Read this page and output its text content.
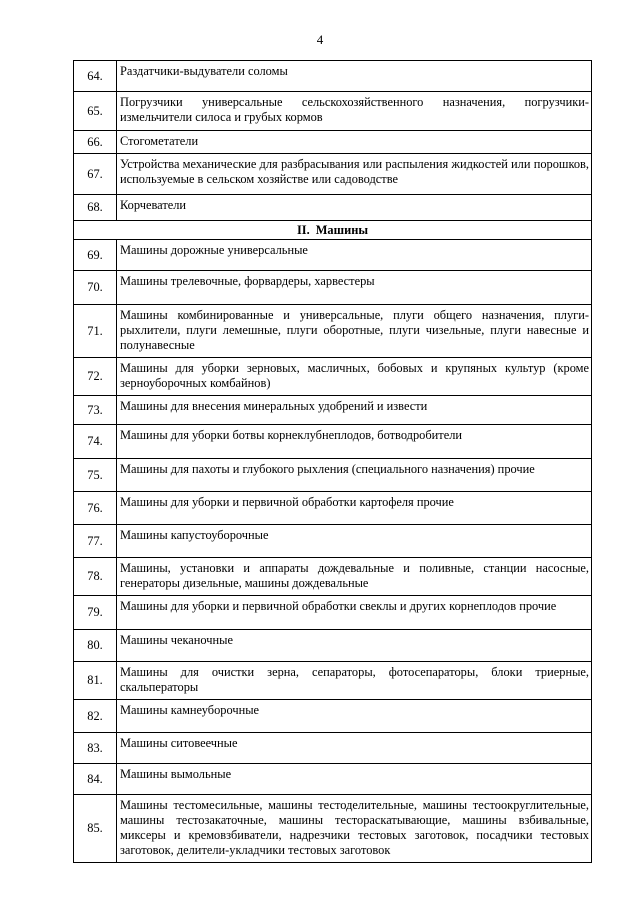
4
64.	Раздатчики-выдуватели соломы
65.	Погрузчики универсальные сельскохозяйственного назначения, погрузчики-измельчители силоса и грубых кормов
66.	Стогометатели
67.	Устройства механические для разбрасывания или распыления жидкостей или порошков, используемые в сельском хозяйстве или садоводстве
68.	Корчеватели
II. Машины	
69.	Машины дорожные универсальные
70.	Машины трелевочные, форвардеры, харвестеры
71.	Машины комбинированные и универсальные, плуги общего назначения, плуги-рыхлители, плуги лемешные, плуги оборотные, плуги чизельные, плуги навесные и полунавесные
72.	Машины для уборки зерновых, масличных, бобовых и крупяных культур (кроме зерноуборочных комбайнов)
73.	Машины для внесения минеральных удобрений и извести
74.	Машины для уборки ботвы корнеклубнеплодов, ботводробители
75.	Машины для пахоты и глубокого рыхления (специального назначения) прочие
76.	Машины для уборки и первичной обработки картофеля прочие
77.	Машины капустоуборочные
78.	Машины, установки и аппараты дождевальные и поливные, станции насосные, генераторы дизельные, машины дождевальные
79.	Машины для уборки и первичной обработки свеклы и других корнеплодов прочие
80.	Машины чеканочные
81.	Машины для очистки зерна, сепараторы, фотосепараторы, блоки триерные, скальператоры
82.	Машины камнеуборочные
83.	Машины ситовеечные
84.	Машины вымольные
85.	Машины тестомесильные, машины тестоделительные, машины тестоокруглительные, машины тестозакаточные, машины тестораскатывающие, машины взбивальные, миксеры и кремовзбиватели, надрезчики тестовых заготовок, посадчики тестовых заготовок, делители-укладчики тестовых заготовок
